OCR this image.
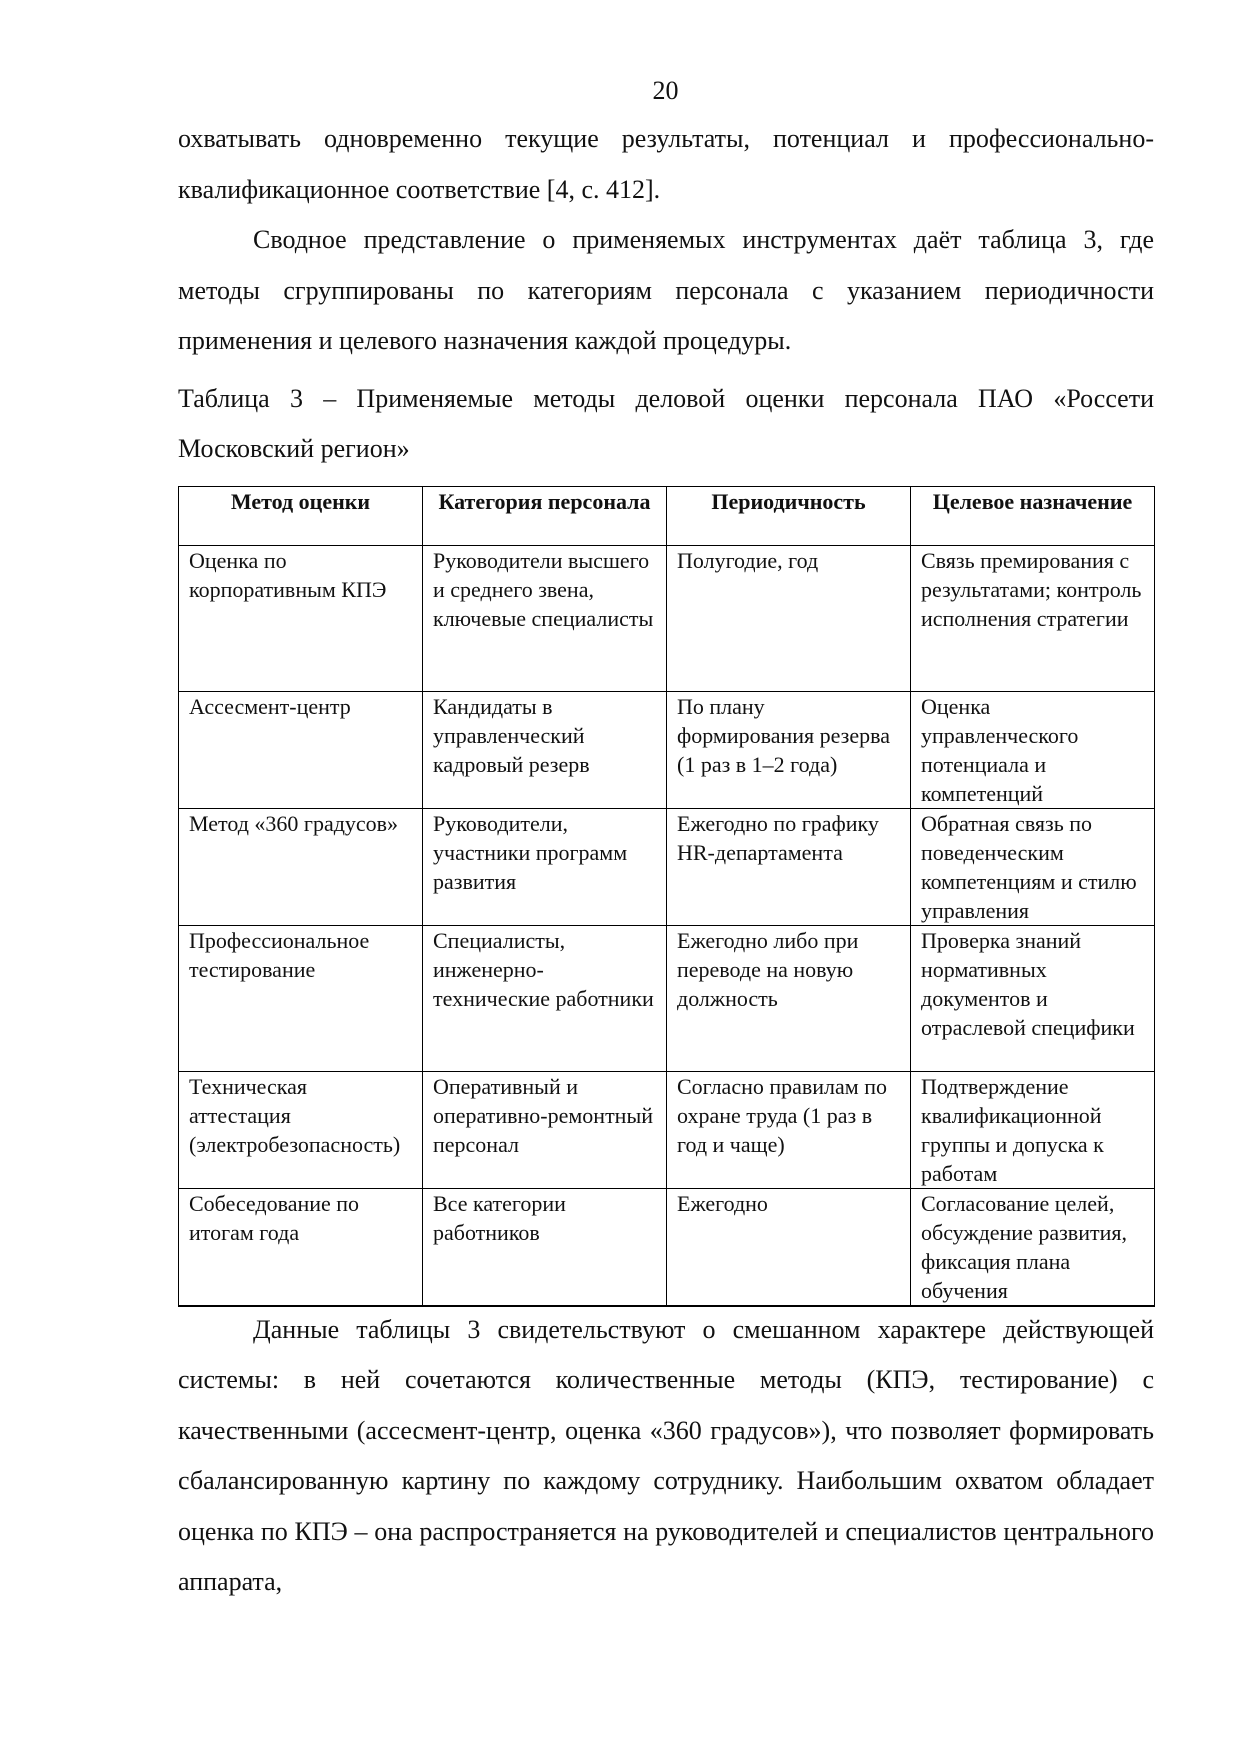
20

охватывать одновременно текущие результаты, потенциал и профессионально-квалификационное соответствие [4, с. 412].

Сводное представление о применяемых инструментах даёт таблица 3, где методы сгруппированы по категориям персонала с указанием периодичности применения и целевого назначения каждой процедуры.

Таблица 3 – Применяемые методы деловой оценки персонала ПАО «Россети Московский регион»

Метод оценки	Категория персонала	Периодичность	Целевое назначение
Оценка по корпоративным КПЭ	Руководители высшего и среднего звена, ключевые специалисты	Полугодие, год	Связь премирования с результатами; контроль исполнения стратегии
Ассесмент-центр	Кандидаты в управленческий кадровый резерв	По плану формирования резерва (1 раз в 1–2 года)	Оценка управленческого потенциала и компетенций
Метод «360 градусов»	Руководители, участники программ развития	Ежегодно по графику HR-департамента	Обратная связь по поведенческим компетенциям и стилю управления
Профессиональное тестирование	Специалисты, инженерно-технические работники	Ежегодно либо при переводе на новую должность	Проверка знаний нормативных документов и отраслевой специфики
Техническая аттестация (электробезопасность)	Оперативный и оперативно-ремонтный персонал	Согласно правилам по охране труда (1 раз в год и чаще)	Подтверждение квалификационной группы и допуска к работам
Собеседование по итогам года	Все категории работников	Ежегодно	Согласование целей, обсуждение развития, фиксация плана обучения

Данные таблицы 3 свидетельствуют о смешанном характере действующей системы: в ней сочетаются количественные методы (КПЭ, тестирование) с качественными (ассесмент-центр, оценка «360 градусов»), что позволяет формировать сбалансированную картину по каждому сотруднику. Наибольшим охватом обладает оценка по КПЭ – она распространяется на руководителей и специалистов центрального аппарата,
